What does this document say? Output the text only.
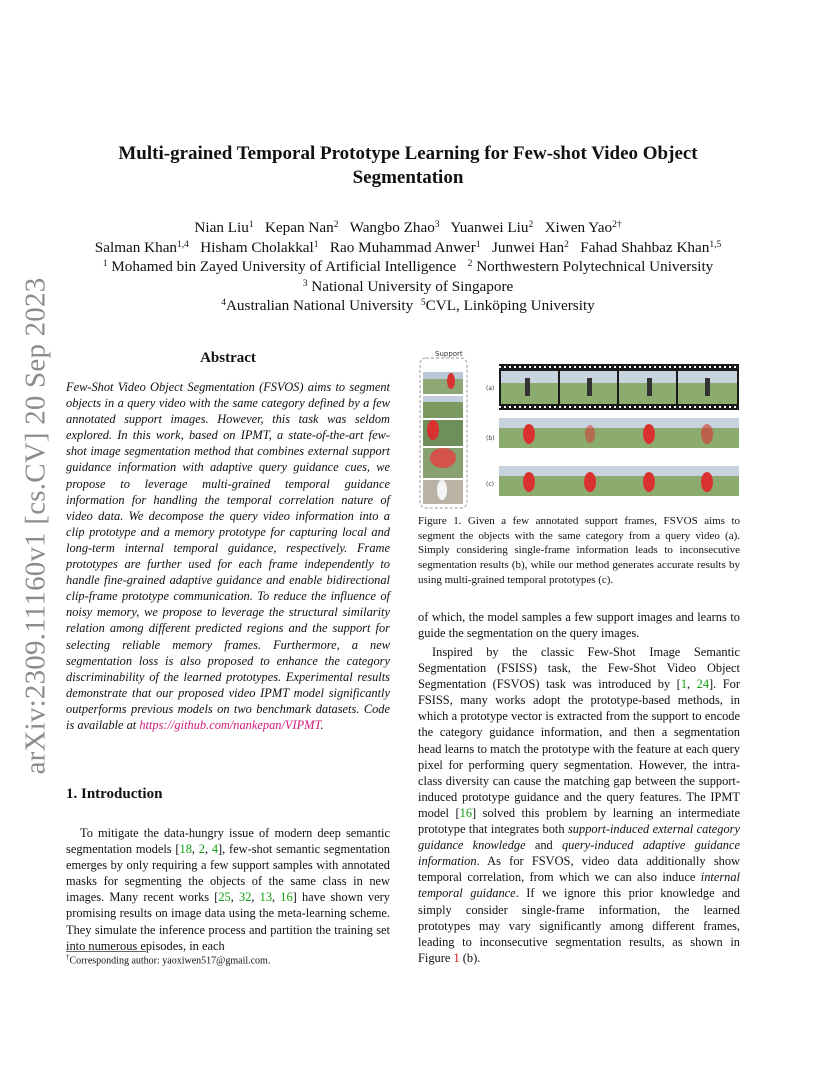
arXiv:2309.11160v1 [cs.CV] 20 Sep 2023
Multi-grained Temporal Prototype Learning for Few-shot Video Object Segmentation
Nian Liu$^1$ Kepan Nan$^2$ Wangbo Zhao$^3$ Yuanwei Liu$^2$ Xiwen Yao$^{2\dagger}$
Salman Khan$^{1,4}$ Hisham Cholakkal$^1$ Rao Muhammad Anwer$^1$ Junwei Han$^2$ Fahad Shahbaz Khan$^{1,5}$
$^1$ Mohamed bin Zayed University of Artificial Intelligence $^2$ Northwestern Polytechnical University
$^3$ National University of Singapore
$^4$Australian National University $^5$CVL, Linköping University
Abstract

Few-Shot Video Object Segmentation (FSVOS) aims to segment objects in a query video with the same category defined by a few annotated support images. However, this task was seldom explored. In this work, based on IPMT, a state-of-the-art few-shot image segmentation method that combines external support guidance information with adaptive query guidance cues, we propose to leverage multi-grained temporal guidance information for handling the temporal correlation nature of video data. We decompose the query video information into a clip prototype and a memory prototype for capturing local and long-term internal temporal guidance, respectively. Frame prototypes are further used for each frame independently to handle fine-grained adaptive guidance and enable bidirectional clip-frame prototype communication. To reduce the influence of noisy memory, we propose to leverage the structural similarity relation among different predicted regions and the support for selecting reliable memory frames. Furthermore, a new segmentation loss is also proposed to enhance the category discriminability of the learned prototypes. Experimental results demonstrate that our proposed video IPMT model significantly outperforms previous models on two benchmark datasets. Code is available at https://github.com/nankepan/VIPMT.

1. Introduction

To mitigate the data-hungry issue of modern deep semantic segmentation models [18, 2, 4], few-shot semantic segmentation emerges by only requiring a few support samples with annotated masks for segmenting the objects of the same class in new images. Many recent works [25, 32, 13, 16] have shown very promising results on image data using the meta-learning scheme. They simulate the inference process and partition the training set into numerous episodes, in each

†Corresponding author: yaoxiwen517@gmail.com.
Support
(a)
(b)
(c)

Figure 1. Given a few annotated support frames, FSVOS aims to segment the objects with the same category from a query video (a). Simply considering single-frame information leads to inconsecutive segmentation results (b), while our method generates accurate results by using multi-grained temporal prototypes (c).

of which, the model samples a few support images and learns to guide the segmentation on the query images.

Inspired by the classic Few-Shot Image Semantic Segmentation (FSISS) task, the Few-Shot Video Object Segmentation (FSVOS) task was introduced by [1, 24]. For FSISS, many works adopt the prototype-based methods, in which a prototype vector is extracted from the support to encode the category guidance information, and then a segmentation head learns to match the prototype with the feature at each query pixel for performing query segmentation. However, the intra-class diversity can cause the matching gap between the support-induced prototype guidance and the query features. The IPMT model [16] solved this problem by learning an intermediate prototype that integrates both support-induced external category guidance knowledge and query-induced adaptive guidance information. As for FSVOS, video data additionally show temporal correlation, from which we can also induce internal temporal guidance. If we ignore this prior knowledge and simply consider single-frame information, the learned prototypes may vary significantly among different frames, leading to inconsecutive segmentation results, as shown in Figure 1 (b).
